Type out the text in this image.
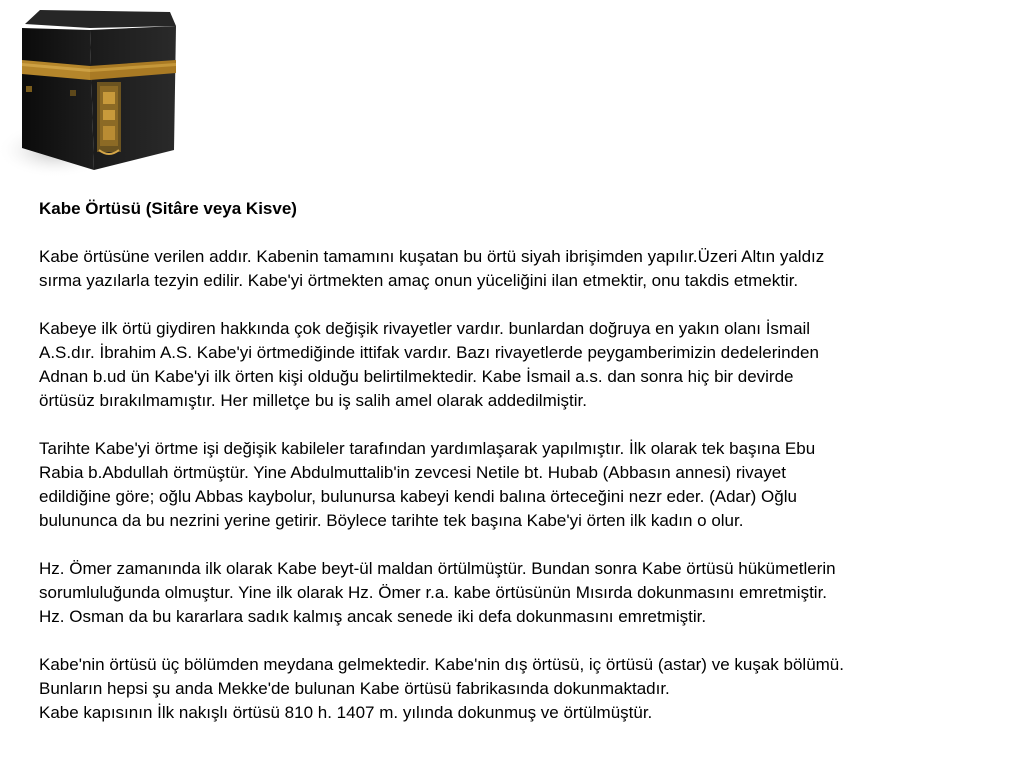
Kabe Örtüsü (Sitâre veya Kisve)

Kabe örtüsüne verilen addır. Kabenin tamamını kuşatan bu örtü siyah ibrişimden yapılır.Üzeri Altın yaldız
sırma yazılarla tezyin edilir. Kabe'yi örtmekten amaç onun yüceliğini ilan etmektir, onu takdis etmektir.

Kabeye ilk örtü giydiren hakkında çok değişik rivayetler vardır. bunlardan doğruya en yakın olanı İsmail
A.S.dır. İbrahim A.S. Kabe'yi örtmediğinde ittifak vardır. Bazı rivayetlerde peygamberimizin dedelerinden
Adnan b.ud ün Kabe'yi ilk örten kişi olduğu belirtilmektedir. Kabe İsmail a.s. dan sonra hiç bir devirde
örtüsüz bırakılmamıştır. Her milletçe bu iş salih amel olarak addedilmiştir.

Tarihte Kabe'yi örtme işi değişik kabileler tarafından yardımlaşarak yapılmıştır. İlk olarak tek başına Ebu
Rabia b.Abdullah örtmüştür. Yine Abdulmuttalib'in zevcesi Netile bt. Hubab (Abbasın annesi) rivayet
edildiğine göre; oğlu Abbas kaybolur, bulunursa kabeyi kendi balına örteceğini nezr eder. (Adar) Oğlu
bulununca da bu nezrini yerine getirir. Böylece tarihte tek başına Kabe'yi örten ilk kadın o olur.

Hz. Ömer zamanında ilk olarak Kabe beyt-ül maldan örtülmüştür. Bundan sonra Kabe örtüsü hükümetlerin
sorumluluğunda olmuştur. Yine ilk olarak Hz. Ömer r.a. kabe örtüsünün Mısırda dokunmasını emretmiştir.
Hz. Osman da bu kararlara sadık kalmış ancak senede iki defa dokunmasını emretmiştir.

Kabe'nin örtüsü üç bölümden meydana gelmektedir. Kabe'nin dış örtüsü, iç örtüsü (astar) ve kuşak bölümü.
Bunların hepsi şu anda Mekke'de bulunan Kabe örtüsü fabrikasında dokunmaktadır.
Kabe kapısının İlk nakışlı örtüsü 810 h. 1407 m. yılında dokunmuş ve örtülmüştür.
